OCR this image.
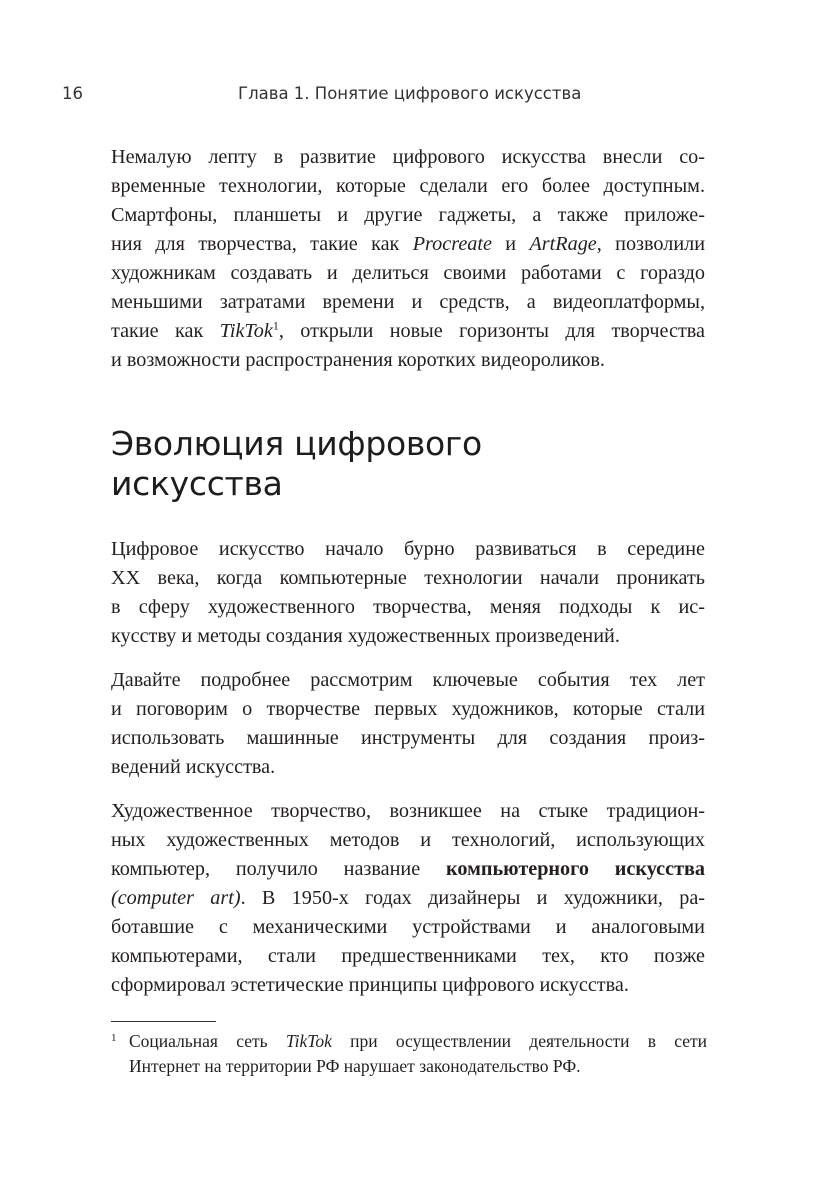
16	Глава 1. Понятие цифрового искусства

Немалую лепту в развитие цифрового искусства внесли со-

временные технологии, которые сделали его более доступным.

Смартфоны, планшеты и другие гаджеты, а также приложе-

ния для творчества, такие как Procreate и ArtRage, позволили

художникам создавать и делиться своими работами с гораздо

меньшими затратами времени и средств, а видеоплатформы,

такие как TikTok$^1$, открыли новые горизонты для творчества

и возможности распространения коротких видеороликов.

Эволюция цифрового
искусства

Цифровое искусство начало бурно развиваться в середине

XX века, когда компьютерные технологии начали проникать

в сферу художественного творчества, меняя подходы к ис-

кусству и методы создания художественных произведений.

Давайте подробнее рассмотрим ключевые события тех лет

и поговорим о творчестве первых художников, которые стали

использовать машинные инструменты для создания произ-

ведений искусства.

Художественное творчество, возникшее на стыке традицион-

ных художественных методов и технологий, использующих

компьютер, получило название компьютерного искусства

(computer art). В 1950-х годах дизайнеры и художники, ра-

ботавшие с механическими устройствами и аналоговыми

компьютерами, стали предшественниками тех, кто позже

сформировал эстетические принципы цифрового искусства.

1 Социальная сеть TikTok при осуществлении деятельности в сети

Интернет на территории РФ нарушает законодательство РФ.
